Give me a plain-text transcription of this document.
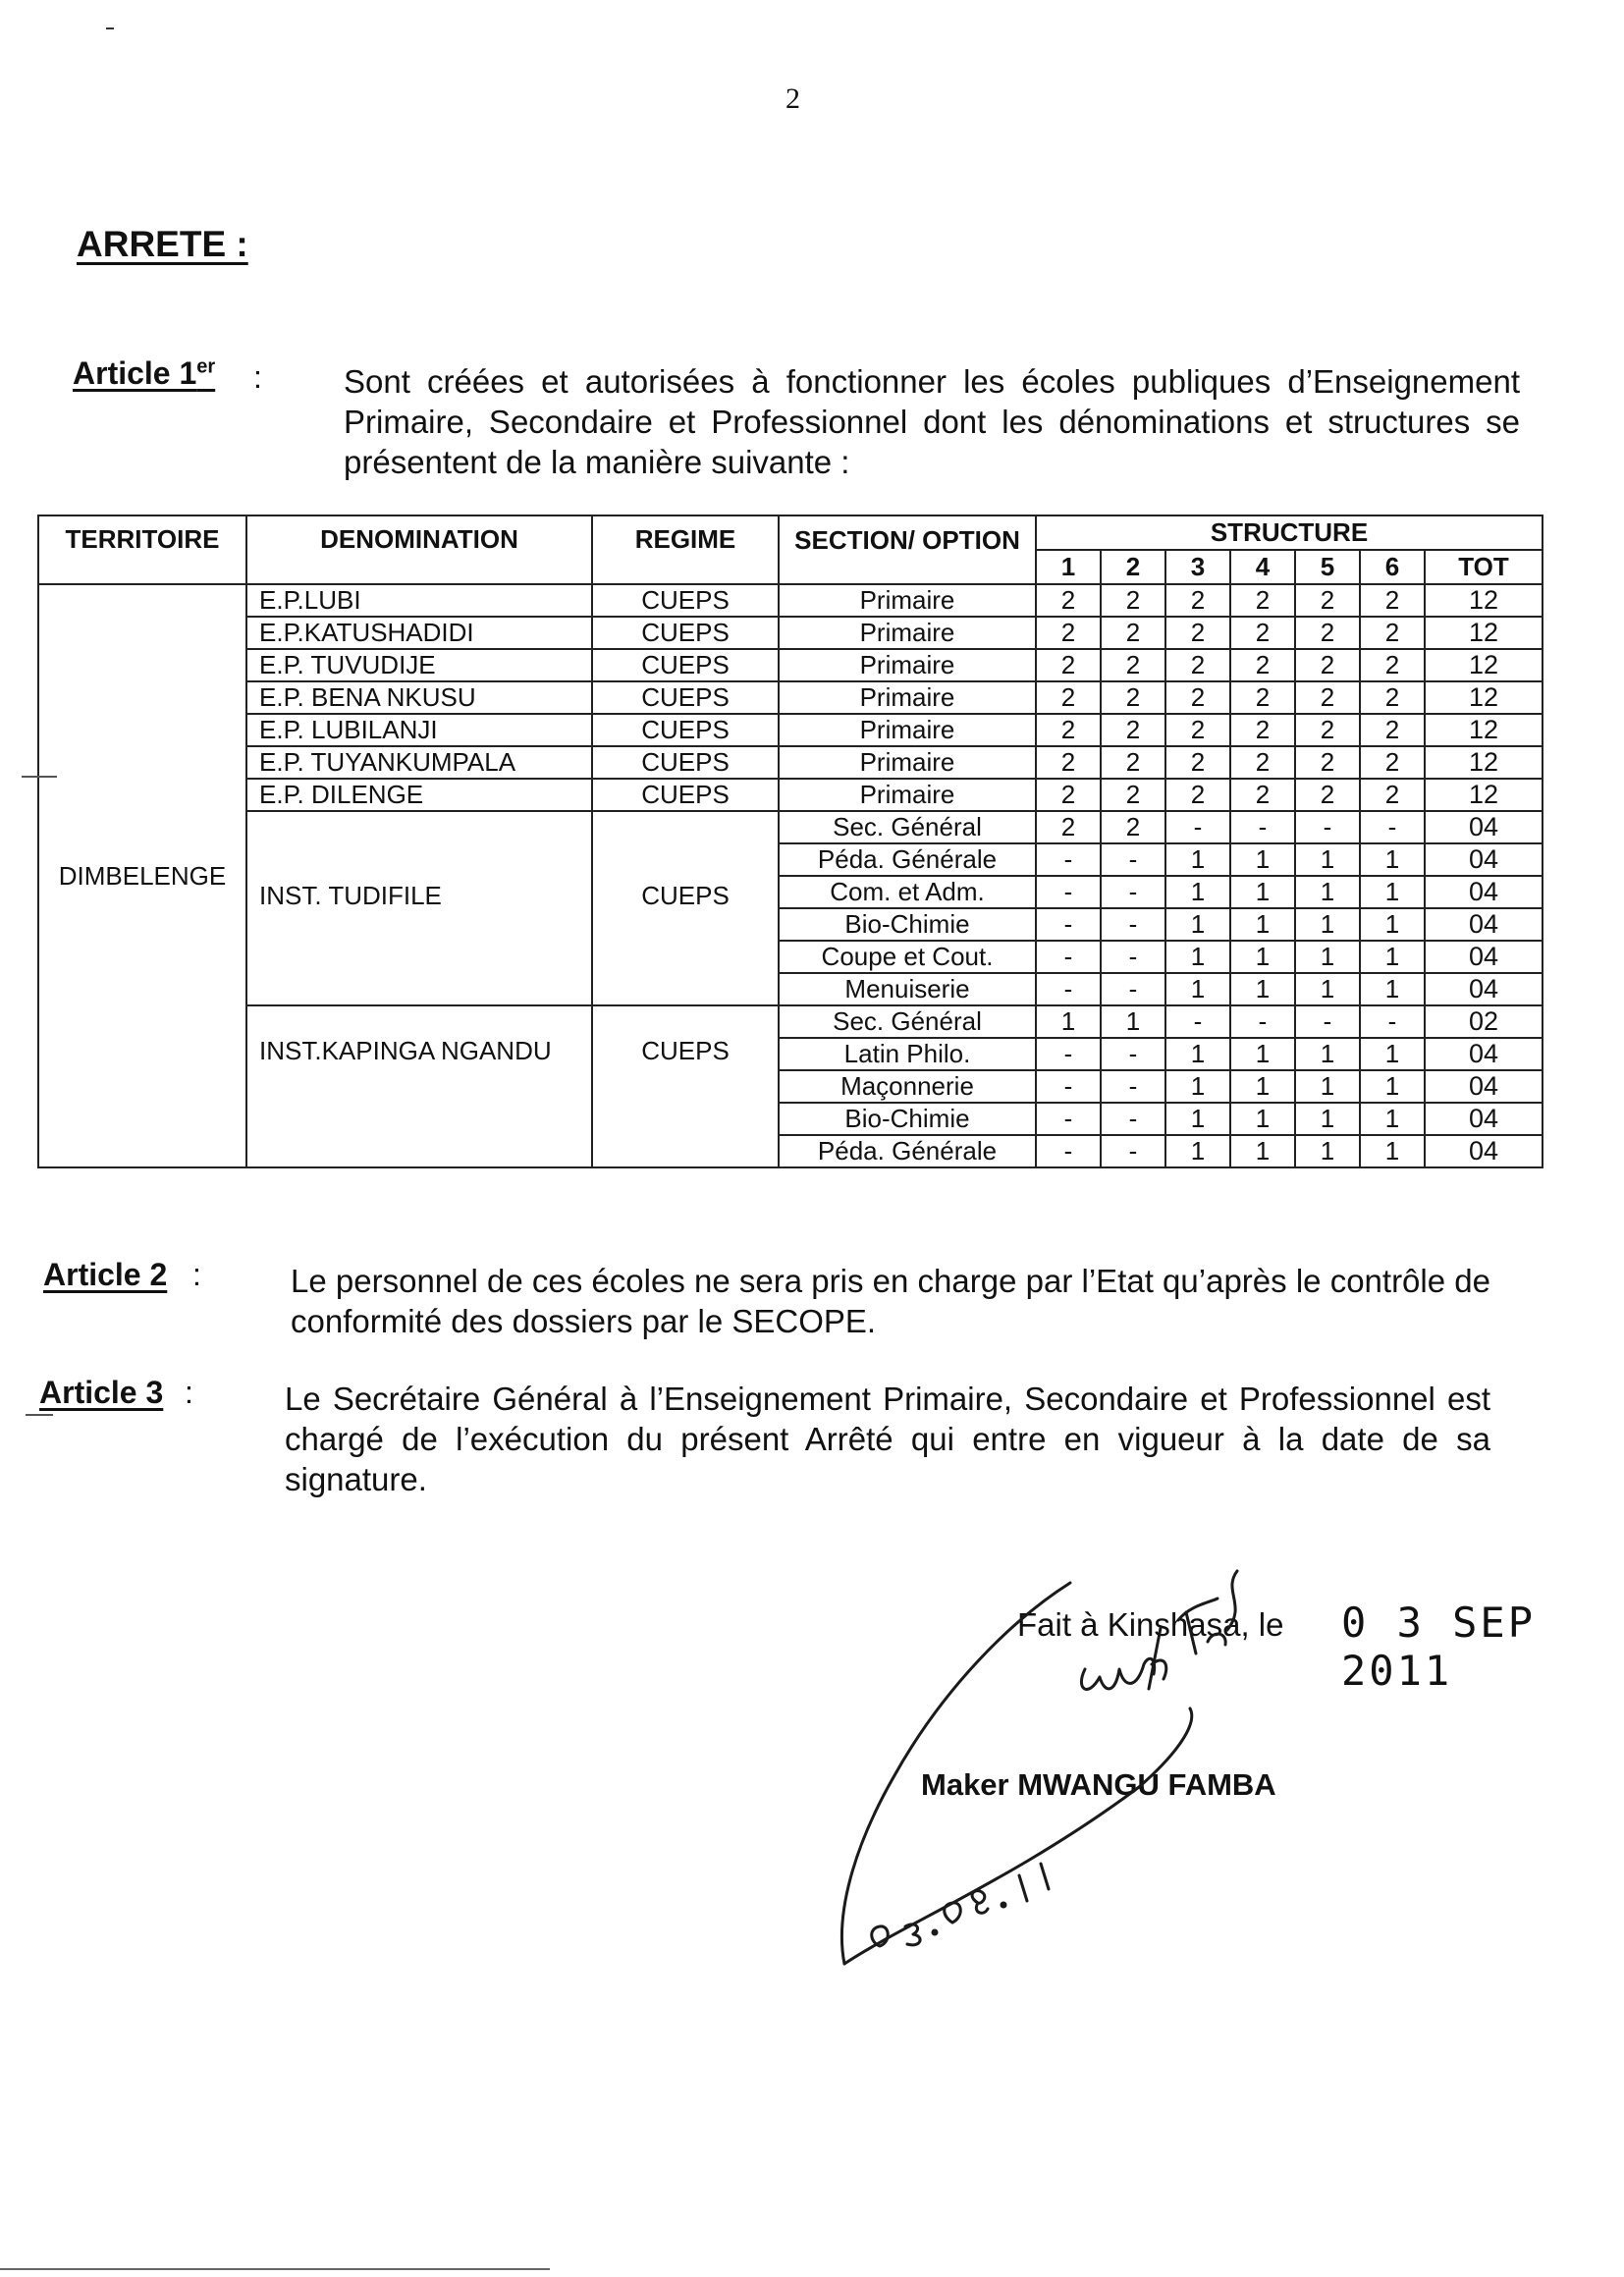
2
ARRETE :
Article 1er :	Sont créées et autorisées à fonctionner les écoles publiques d’Enseignement Primaire, Secondaire et Professionnel dont les dénominations et structures se présentent de la manière suivante :
TERRITOIRE	DENOMINATION	REGIME	SECTION/ OPTION	STRUCTURE						
				1	2	3	4	5	6	TOT
DIMBELENGE	E.P.LUBI	CUEPS	Primaire	2	2	2	2	2	2	12
	E.P.KATUSHADIDI	CUEPS	Primaire	2	2	2	2	2	2	12
	E.P. TUVUDIJE	CUEPS	Primaire	2	2	2	2	2	2	12
	E.P. BENA NKUSU	CUEPS	Primaire	2	2	2	2	2	2	12
	E.P. LUBILANJI	CUEPS	Primaire	2	2	2	2	2	2	12
	E.P. TUYANKUMPALA	CUEPS	Primaire	2	2	2	2	2	2	12
	E.P. DILENGE	CUEPS	Primaire	2	2	2	2	2	2	12
	INST. TUDIFILE	CUEPS	Sec. Général	2	2	-	-	-	-	04
			Péda. Générale	-	-	1	1	1	1	04
			Com. et Adm.	-	-	1	1	1	1	04
			Bio-Chimie	-	-	1	1	1	1	04
			Coupe et Cout.	-	-	1	1	1	1	04
			Menuiserie	-	-	1	1	1	1	04
	INST.KAPINGA NGANDU	CUEPS	Sec. Général	1	1	-	-	-	-	02
			Latin Philo.	-	-	1	1	1	1	04
			Maçonnerie	-	-	1	1	1	1	04
			Bio-Chimie	-	-	1	1	1	1	04
			Péda. Générale	-	-	1	1	1	1	04
Article 2 :	Le personnel de ces écoles ne sera pris en charge par l’Etat qu’après le contrôle de conformité des dossiers par le SECOPE.
Article 3 :	Le Secrétaire Général à l’Enseignement Primaire, Secondaire et Professionnel est chargé de l’exécution du présent Arrêté qui entre en vigueur à la date de sa signature.
Fait à Kinshasa, le 0 3 SEP 2011
Maker MWANGU FAMBA
